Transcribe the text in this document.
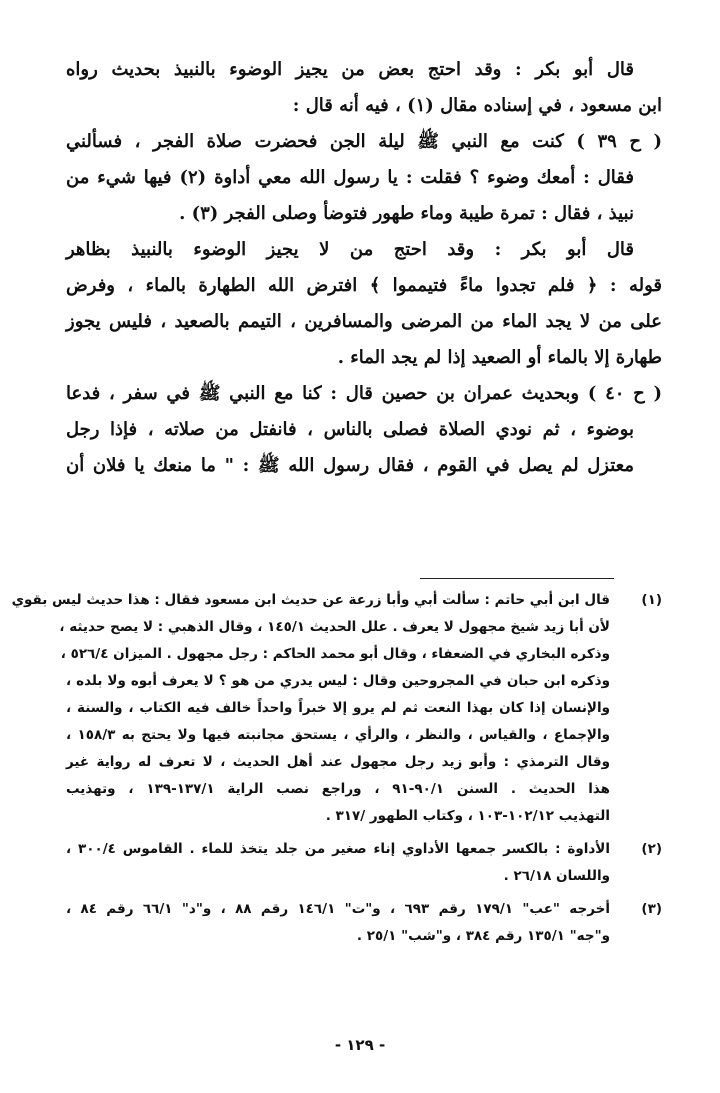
قال أبو بكر : وقد احتج بعض من يجيز الوضوء بالنبيذ بحديث رواه
ابن مسعود ، في إسناده مقال (١) ، فيه أنه قال :
( ح ٣٩ ) كنت مع النبي ﷺ ليلة الجن فحضرت صلاة الفجر ، فسألني
فقال : أمعك وضوء ؟ فقلت : يا رسول الله معي أداوة (٢) فيها شيء من
نبيذ ، فقال : تمرة طيبة وماء طهور فتوضأ وصلى الفجر (٣) .
قال أبو بكر : وقد احتج من لا يجيز الوضوء بالنبيذ بظاهر
قوله : ﴿ فلم تجدوا ماءً فتيمموا ﴾ افترض الله الطهارة بالماء ، وفرض
على من لا يجد الماء من المرضى والمسافرين ، التيمم بالصعيد ، فليس يجوز
طهارة إلا بالماء أو الصعيد إذا لم يجد الماء .
( ح ٤٠ ) وبحديث عمران بن حصين قال : كنا مع النبي ﷺ في سفر ، فدعا
بوضوء ، ثم نودي الصلاة فصلى بالناس ، فانفتل من صلاته ، فإذا رجل
معتزل لم يصل في القوم ، فقال رسول الله ﷺ : " ما منعك يا فلان أن
(١)
قال ابن أبي حاتم : سألت أبي وأبا زرعة عن حديث ابن مسعود فقال : هذا حديث ليس بقوي
لأن أبا زيد شيخ مجهول لا يعرف . علل الحديث ١٤٥/١ ، وقال الذهبي : لا يصح حديثه ،
وذكره البخاري في الضعفاء ، وقال أبو محمد الحاكم : رجل مجهول . الميزان ٥٢٦/٤ ،
وذكره ابن حبان في المجروحين وقال : ليس يدري من هو ؟ لا يعرف أبوه ولا بلده ،
والإنسان إذا كان بهذا النعت ثم لم يرو إلا خبراً واحداً خالف فيه الكتاب ، والسنة ،
والإجماع ، والقياس ، والنظر ، والرأي ، يستحق مجانبته فيها ولا يحتج به ١٥٨/٣ ،
وقال الترمذي : وأبو زيد رجل مجهول عند أهل الحديث ، لا تعرف له رواية غير
هذا الحديث . السنن ٩٠/١-٩١ ، وراجع نصب الراية ١٣٧/١-١٣٩ ، وتهذيب
التهذيب ١٠٢/١٢-١٠٣ ، وكتاب الطهور /٣١٧ .
(٢)
الأداوة : بالكسر جمعها الأداوي إناء صغير من جلد يتخذ للماء . القاموس ٣٠٠/٤ ،
واللسان ٢٦/١٨ .
(٣)
أخرجه "عب" ١٧٩/١ رقم ٦٩٣ ، و"ت" ١٤٦/١ رقم ٨٨ ، و"د" ٦٦/١ رقم ٨٤ ،
و"جه" ١٣٥/١ رقم ٣٨٤ ، و"شب" ٢٥/١ .
- ١٢٩ -
